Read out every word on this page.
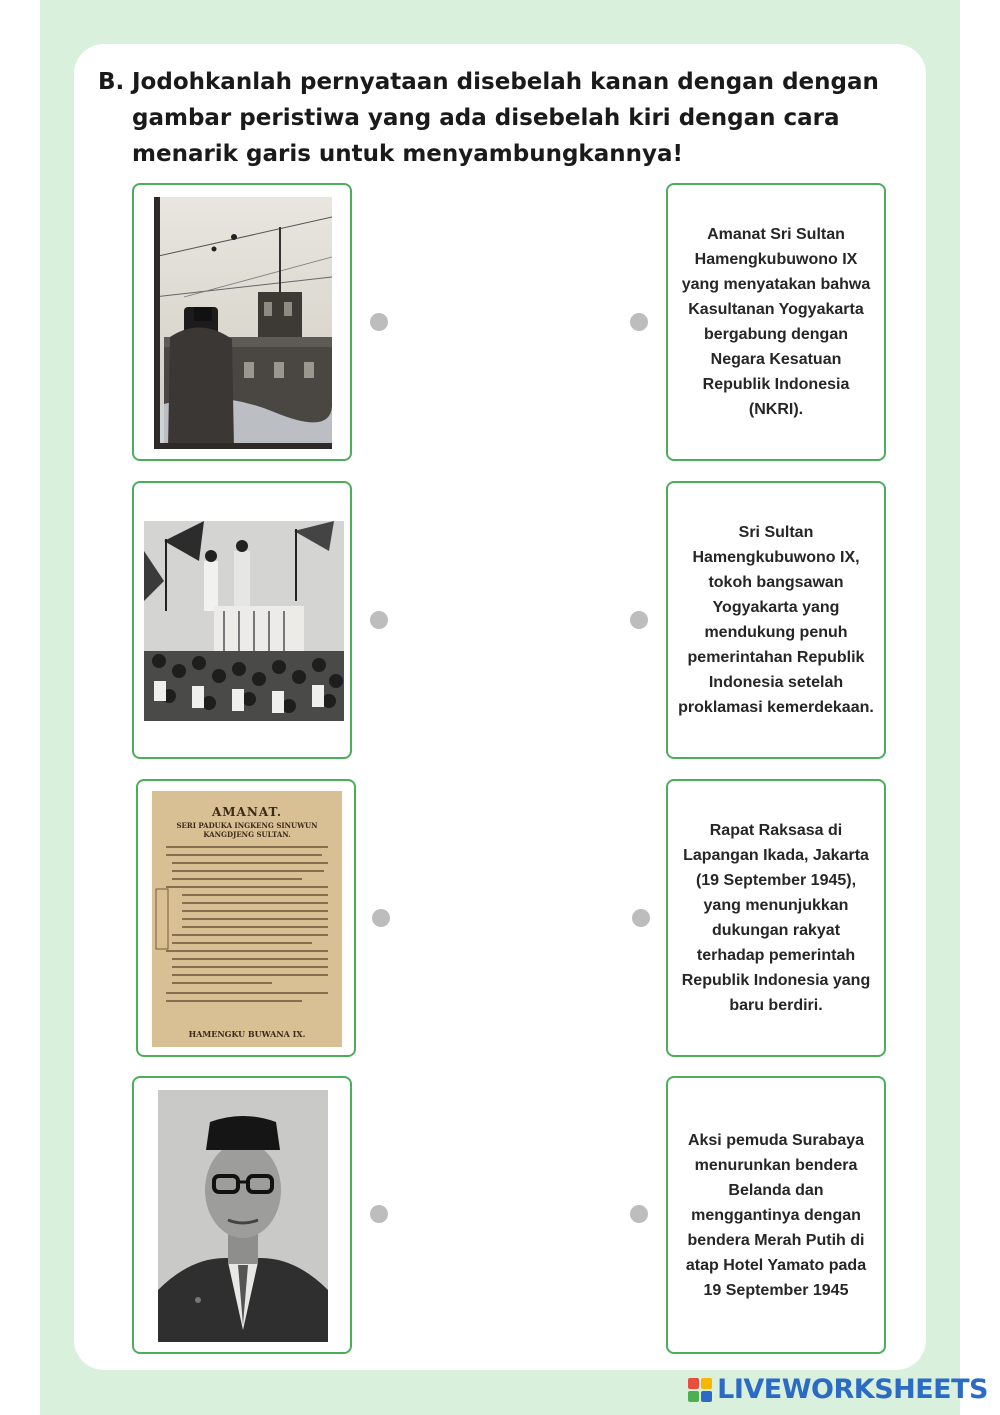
B. Jodohkanlah pernyataan disebelah kanan dengan dengan gambar peristiwa yang ada disebelah kiri dengan cara menarik garis untuk menyambungkannya!

Amanat Sri Sultan Hamengkubuwono IX yang menyatakan bahwa Kasultanan Yogyakarta bergabung dengan Negara Kesatuan Republik Indonesia (NKRI).

Sri Sultan Hamengkubuwono IX, tokoh bangsawan Yogyakarta yang mendukung penuh pemerintahan Republik Indonesia setelah proklamasi kemerdekaan.

AMANAT.
SERI PADUKA INGKENG SINUWUN KANGDJENG SULTAN.
HAMENGKU BUWANA IX.

Rapat Raksasa di Lapangan Ikada, Jakarta (19 September 1945), yang menunjukkan dukungan rakyat terhadap pemerintah Republik Indonesia yang baru berdiri.

Aksi pemuda Surabaya menurunkan bendera Belanda dan menggantinya dengan bendera Merah Putih di atap Hotel Yamato pada 19 September 1945

LIVEWORKSHEETS
